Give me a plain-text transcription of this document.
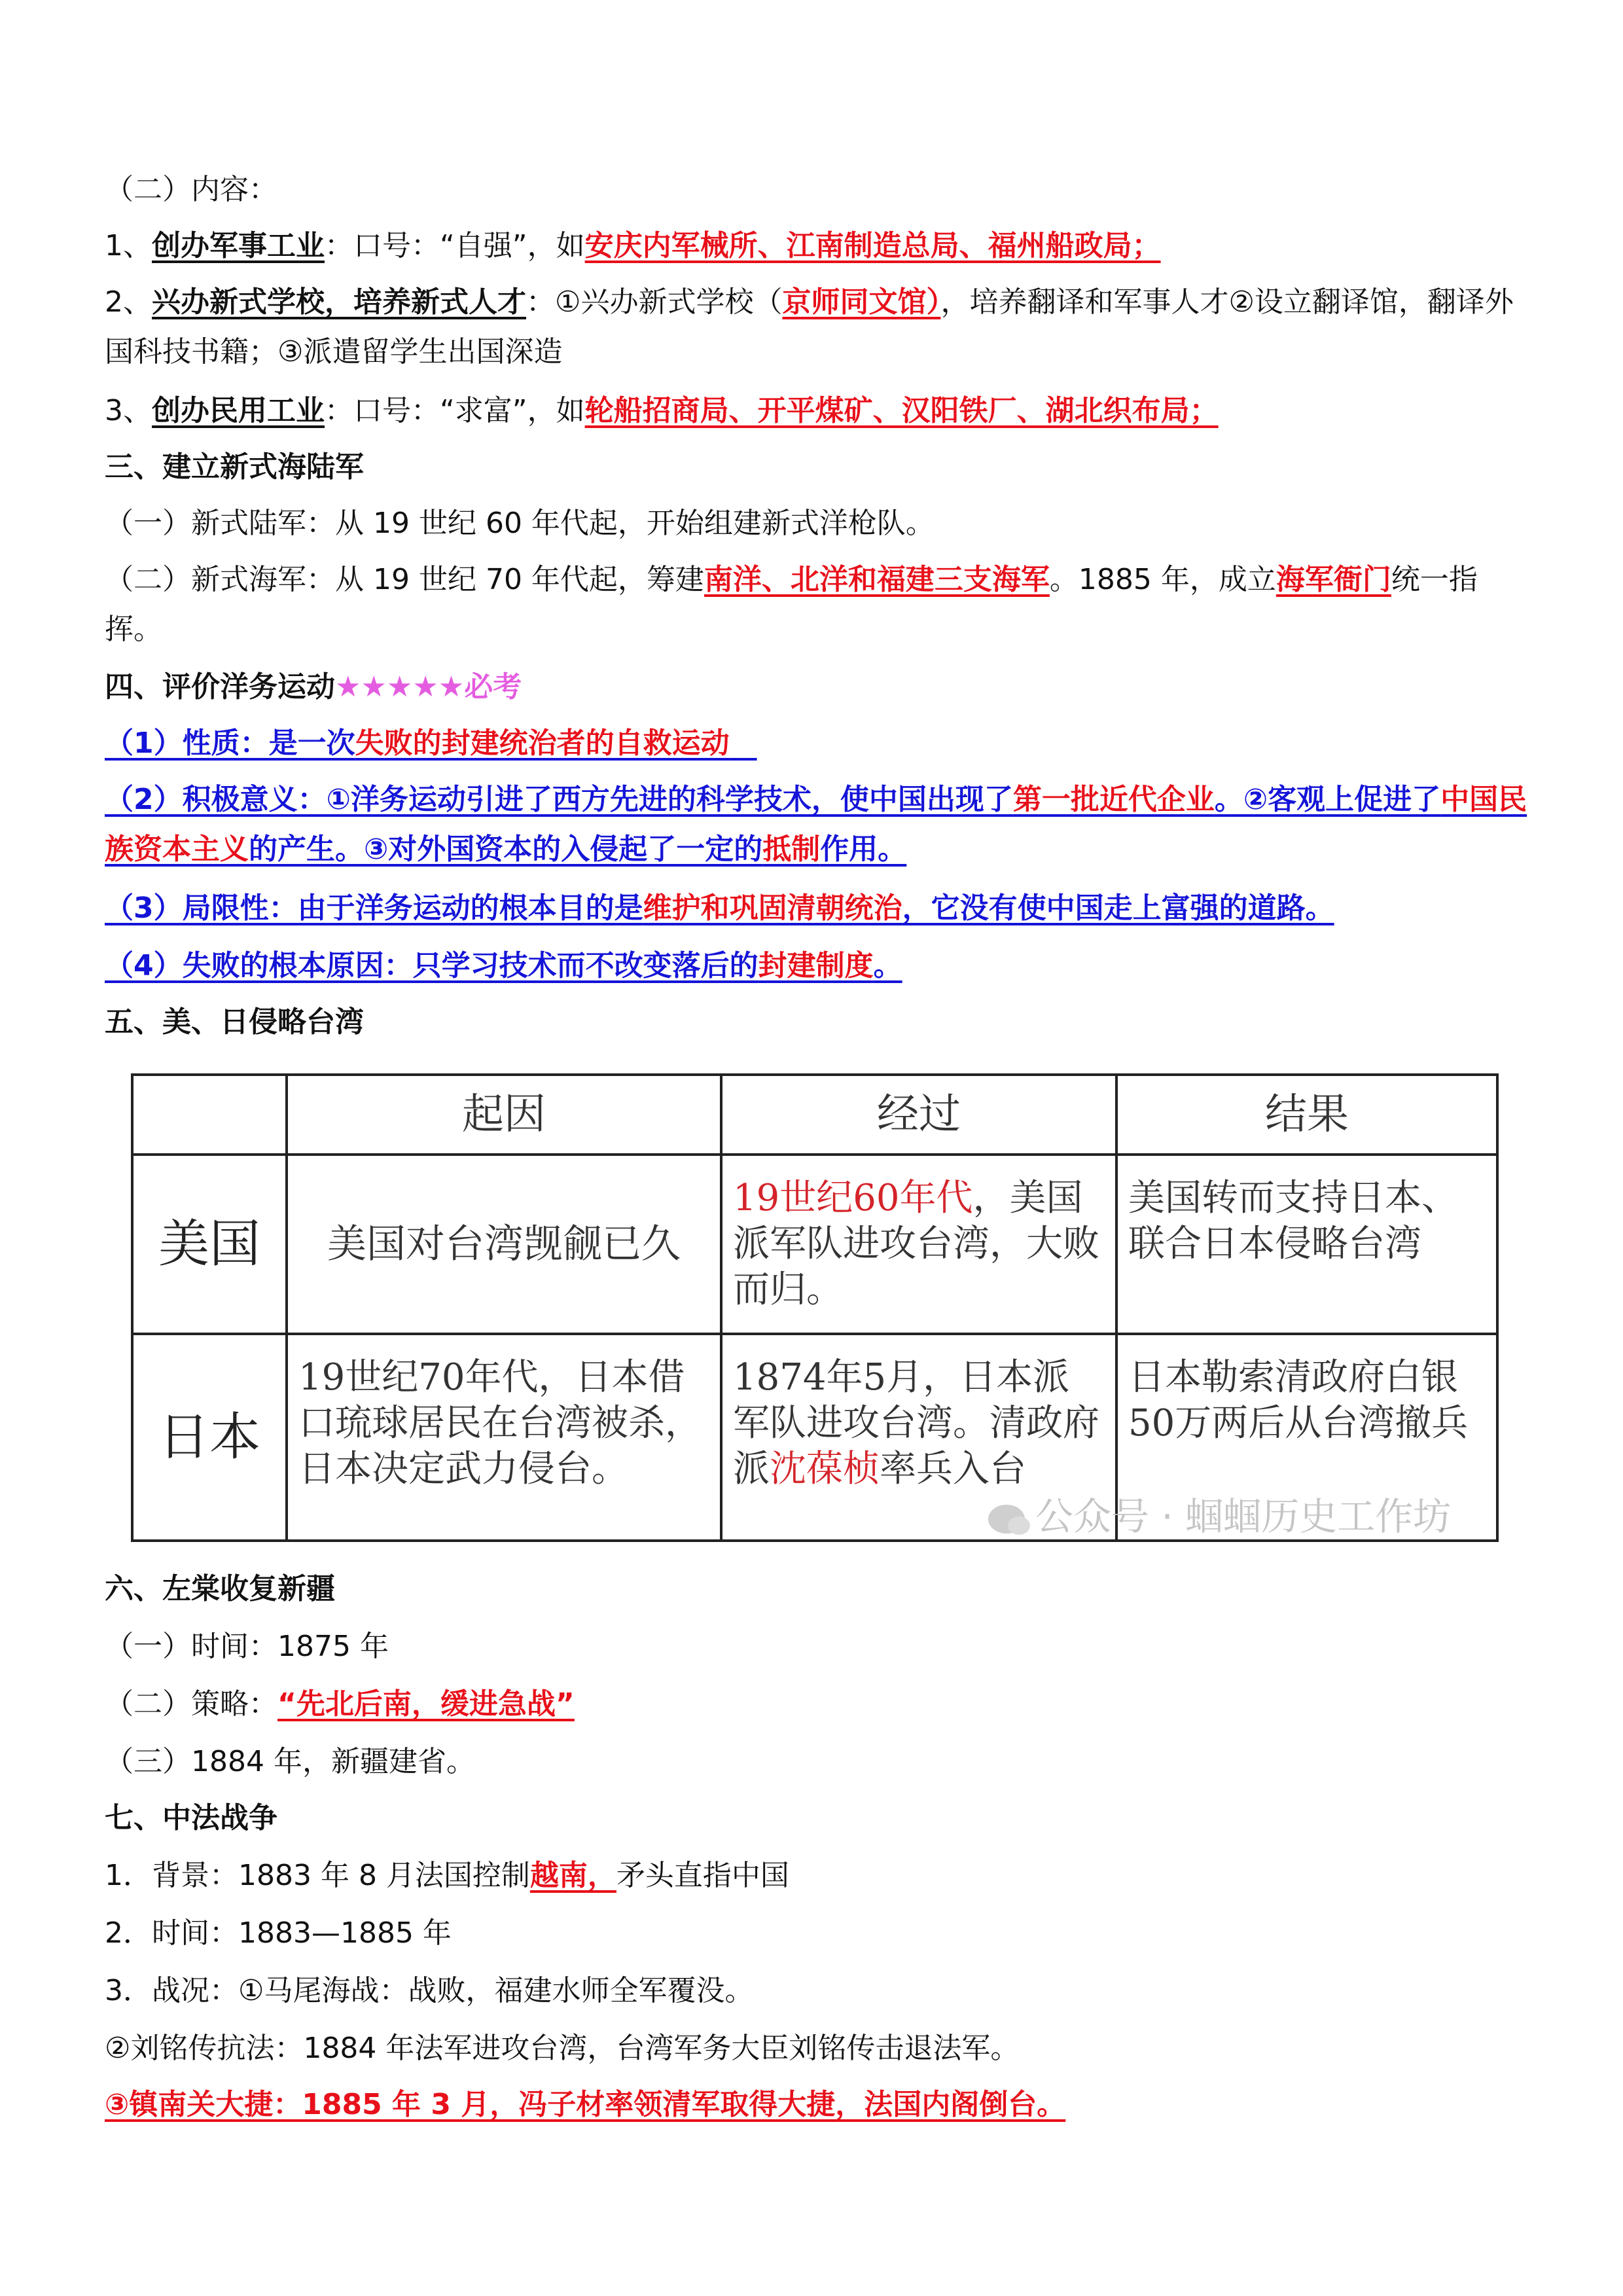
（二）内容：
1、创办军事工业：口号：“自强”，如安庆内军械所、江南制造总局、福州船政局；
2、兴办新式学校，培养新式人才：①兴办新式学校（京师同文馆），培养翻译和军事人才②设立翻译馆，翻译外国科技书籍；③派遣留学生出国深造
3、创办民用工业：口号：“求富”，如轮船招商局、开平煤矿、汉阳铁厂、湖北织布局；
三、建立新式海陆军
（一）新式陆军：从 19 世纪 60 年代起，开始组建新式洋枪队。
（二）新式海军：从 19 世纪 70 年代起，筹建南洋、北洋和福建三支海军。1885 年，成立海军衙门统一指挥。
四、评价洋务运动★★★★★必考
（1）性质：是一次失败的封建统治者的自救运动
（2）积极意义：①洋务运动引进了西方先进的科学技术，使中国出现了第一批近代企业。②客观上促进了中国民族资本主义的产生。③对外国资本的入侵起了一定的抵制作用。
（3）局限性：由于洋务运动的根本目的是维护和巩固清朝统治，它没有使中国走上富强的道路。
（4）失败的根本原因：只学习技术而不改变落后的封建制度。
五、美、日侵略台湾
	起因	经过	结果
美国	美国对台湾觊觎已久	19世纪60年代，美国派军队进攻台湾，大败而归。	美国转而支持日本、联合日本侵略台湾
日本	19世纪70年代，日本借口琉球居民在台湾被杀，日本决定武力侵台。	1874年5月，日本派军队进攻台湾。清政府派沈葆桢率兵入台	日本勒索清政府白银50万两后从台湾撤兵
公众号 · 蝈蝈历史工作坊
六、左棠收复新疆
（一）时间：1875 年
（二）策略：“先北后南，缓进急战”
（三）1884 年，新疆建省。
七、中法战争
1．背景：1883 年 8 月法国控制越南，矛头直指中国
2．时间：1883—1885 年
3．战况：①马尾海战：战败，福建水师全军覆没。
②刘铭传抗法：1884 年法军进攻台湾，台湾军务大臣刘铭传击退法军。
③镇南关大捷：1885 年 3 月，冯子材率领清军取得大捷，法国内阁倒台。
